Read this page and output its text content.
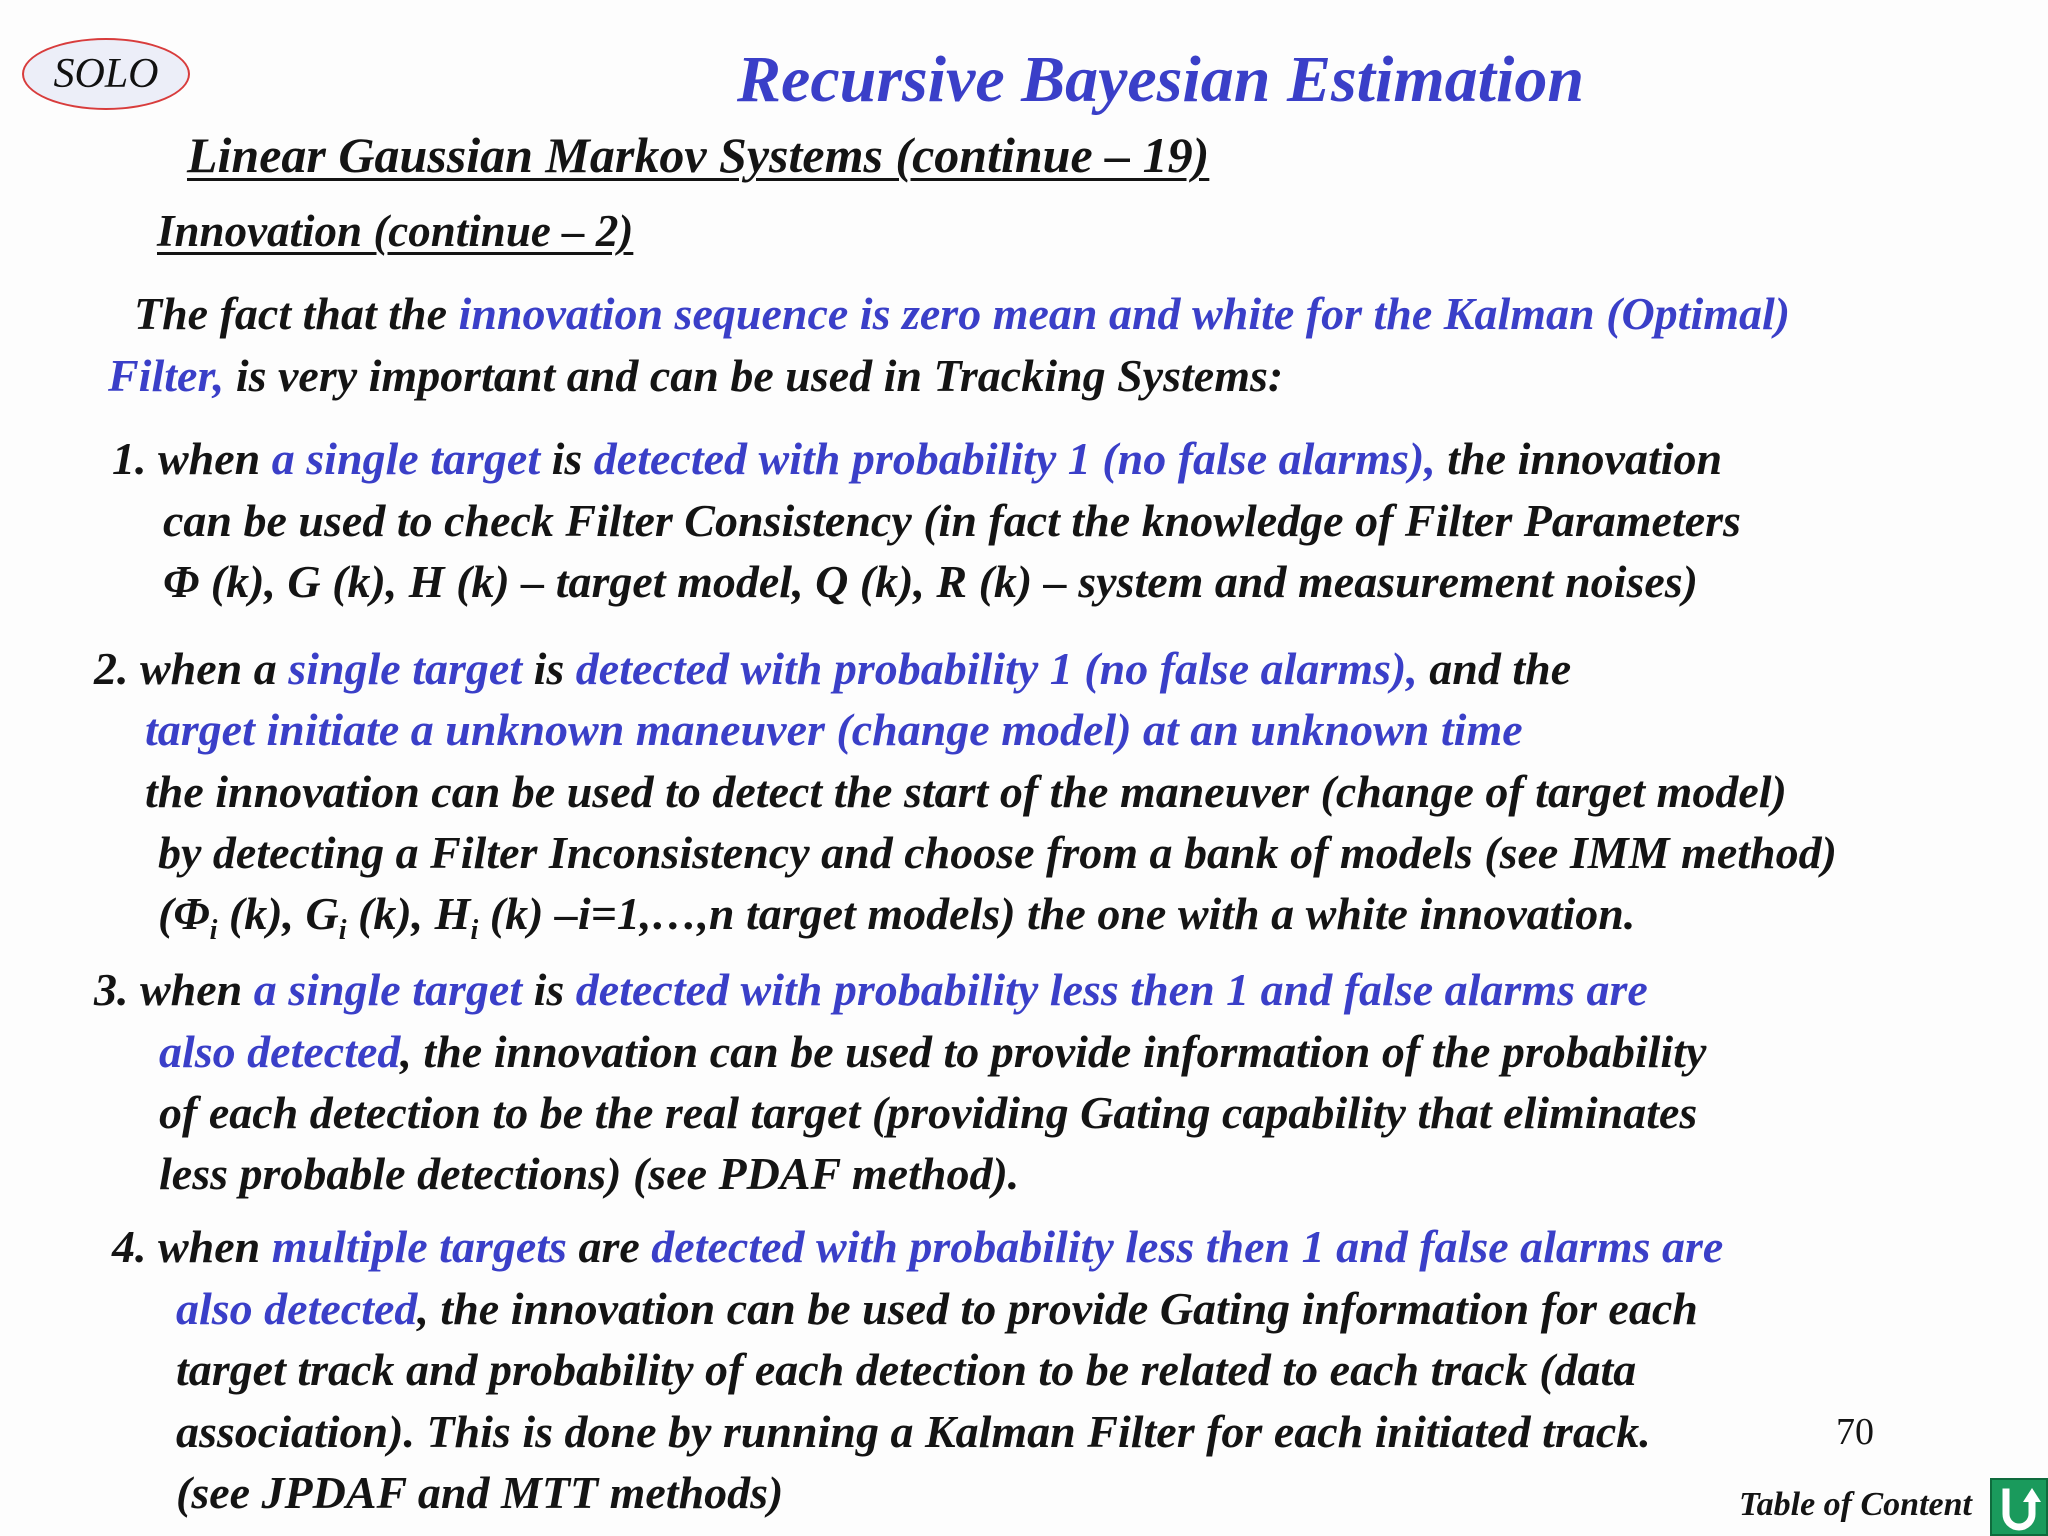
SOLO	Recursive Bayesian Estimation
Linear Gaussian Markov Systems (continue – 19)
Innovation (continue – 2)
The fact that the innovation sequence is zero mean and white for the Kalman (Optimal)
Filter, is very important and can be used in Tracking Systems:
1. when a single target is detected with probability 1 (no false alarms), the innovation
can be used to check Filter Consistency (in fact the knowledge of Filter Parameters
Φ (k), G (k), H (k) – target model, Q (k), R (k) – system and measurement noises)
2. when a single target is detected with probability 1 (no false alarms), and the
target initiate a unknown maneuver (change model) at an unknown time
the innovation can be used to detect the start of the maneuver (change of target model)
by detecting a Filter Inconsistency and choose from a bank of models (see IMM method)
($\Phi_i$ (k), $G_i$ (k), $H_i$ (k) –i=1,…,n target models) the one with a white innovation.
3. when a single target is detected with probability less then 1 and false alarms are
also detected, the innovation can be used to provide information of the probability
of each detection to be the real target (providing Gating capability that eliminates
less probable detections) (see PDAF method).
4. when multiple targets are detected with probability less then 1 and false alarms are
also detected, the innovation can be used to provide Gating information for each
target track and probability of each detection to be related to each track (data
association). This is done by running a Kalman Filter for each initiated track.
(see JPDAF and MTT methods)
70
Table of Content
